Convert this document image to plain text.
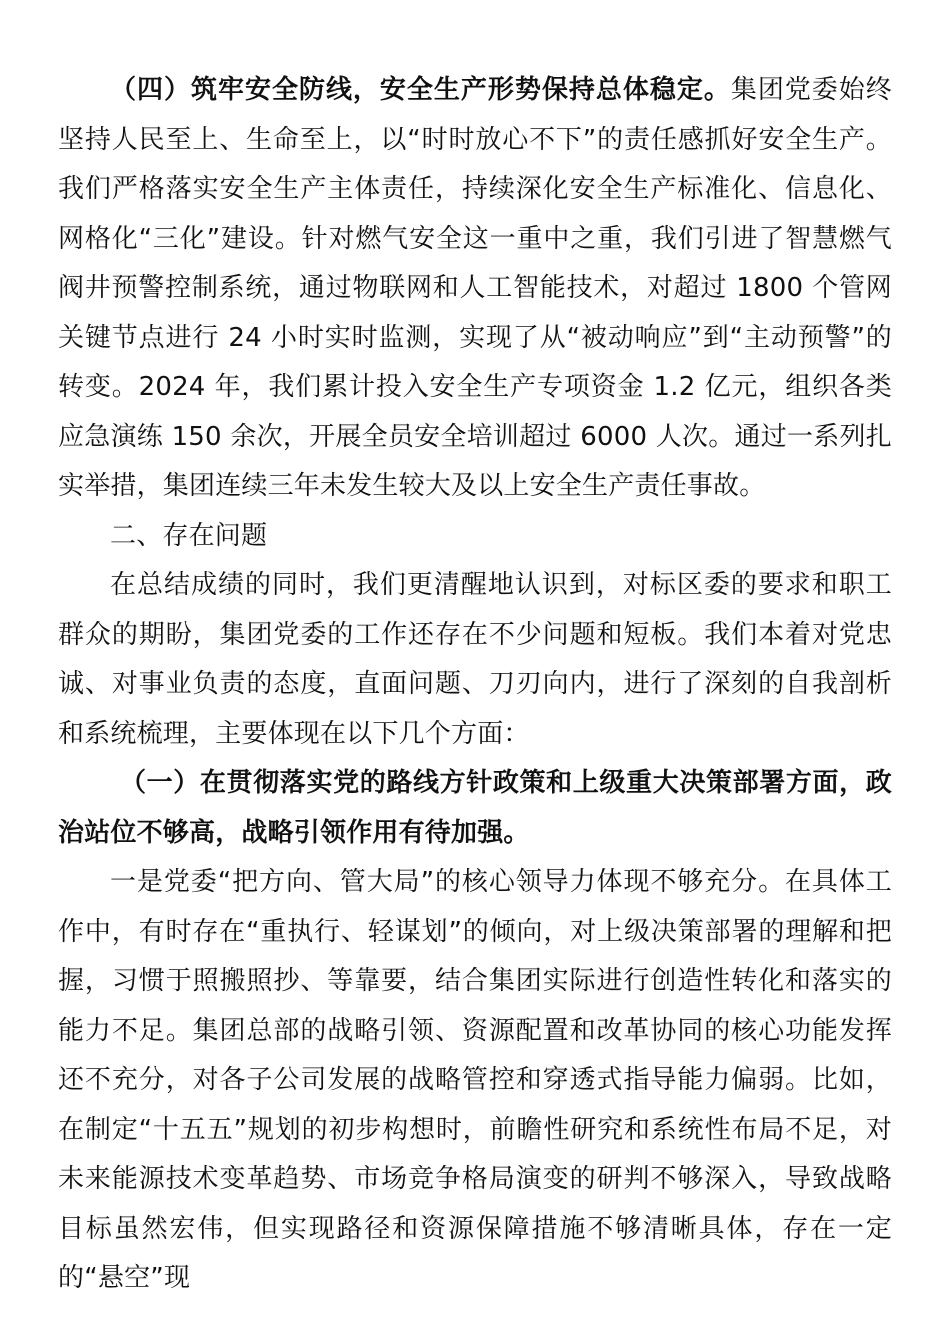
（四）筑牢安全防线，安全生产形势保持总体稳定。集团党委始终坚持人民至上、生命至上，以“时时放心不下”的责任感抓好安全生产。我们严格落实安全生产主体责任，持续深化安全生产标准化、信息化、网格化“三化”建设。针对燃气安全这一重中之重，我们引进了智慧燃气阀井预警控制系统，通过物联网和人工智能技术，对超过 1800 个管网关键节点进行 24 小时实时监测，实现了从“被动响应”到“主动预警”的转变。2024 年，我们累计投入安全生产专项资金 1.2 亿元，组织各类应急演练 150 余次，开展全员安全培训超过 6000 人次。通过一系列扎实举措，集团连续三年未发生较大及以上安全生产责任事故。

二、存在问题

在总结成绩的同时，我们更清醒地认识到，对标区委的要求和职工群众的期盼，集团党委的工作还存在不少问题和短板。我们本着对党忠诚、对事业负责的态度，直面问题、刀刃向内，进行了深刻的自我剖析和系统梳理，主要体现在以下几个方面：

（一）在贯彻落实党的路线方针政策和上级重大决策部署方面，政治站位不够高，战略引领作用有待加强。

一是党委“把方向、管大局”的核心领导力体现不够充分。在具体工作中，有时存在“重执行、轻谋划”的倾向，对上级决策部署的理解和把握，习惯于照搬照抄、等靠要，结合集团实际进行创造性转化和落实的能力不足。集团总部的战略引领、资源配置和改革协同的核心功能发挥还不充分，对各子公司发展的战略管控和穿透式指导能力偏弱。比如，在制定“十五五”规划的初步构想时，前瞻性研究和系统性布局不足，对未来能源技术变革趋势、市场竞争格局演变的研判不够深入，导致战略目标虽然宏伟，但实现路径和资源保障措施不够清晰具体，存在一定的“悬空”现
